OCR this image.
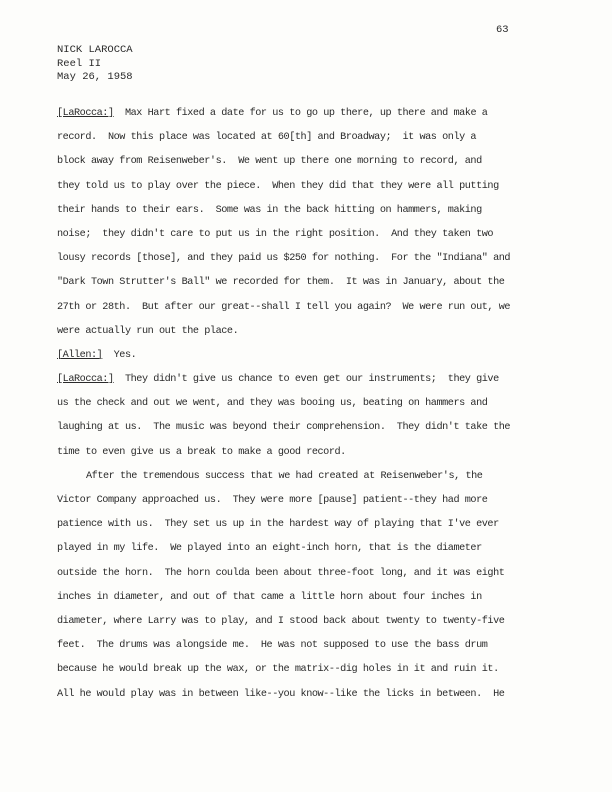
63
NICK LAROCCA
Reel II
May 26, 1958
[LaRocca:]  Max Hart fixed a date for us to go up there, up there and make a
record.  Now this place was located at 60[th] and Broadway;  it was only a
block away from Reisenweber's.  We went up there one morning to record, and
they told us to play over the piece.  When they did that they were all putting
their hands to their ears.  Some was in the back hitting on hammers, making
noise;  they didn't care to put us in the right position.  And they taken two
lousy records [those], and they paid us $250 for nothing.  For the "Indiana" and
"Dark Town Strutter's Ball" we recorded for them.  It was in January, about the
27th or 28th.  But after our great--shall I tell you again?  We were run out, we
were actually run out the place.
[Allen:]  Yes.
[LaRocca:]  They didn't give us chance to even get our instruments;  they give
us the check and out we went, and they was booing us, beating on hammers and
laughing at us.  The music was beyond their comprehension.  They didn't take the
time to even give us a break to make a good record.
After the tremendous success that we had created at Reisenweber's, the
Victor Company approached us.  They were more [pause] patient--they had more
patience with us.  They set us up in the hardest way of playing that I've ever
played in my life.  We played into an eight-inch horn, that is the diameter
outside the horn.  The horn coulda been about three-foot long, and it was eight
inches in diameter, and out of that came a little horn about four inches in
diameter, where Larry was to play, and I stood back about twenty to twenty-five
feet.  The drums was alongside me.  He was not supposed to use the bass drum
because he would break up the wax, or the matrix--dig holes in it and ruin it.
All he would play was in between like--you know--like the licks in between.  He
